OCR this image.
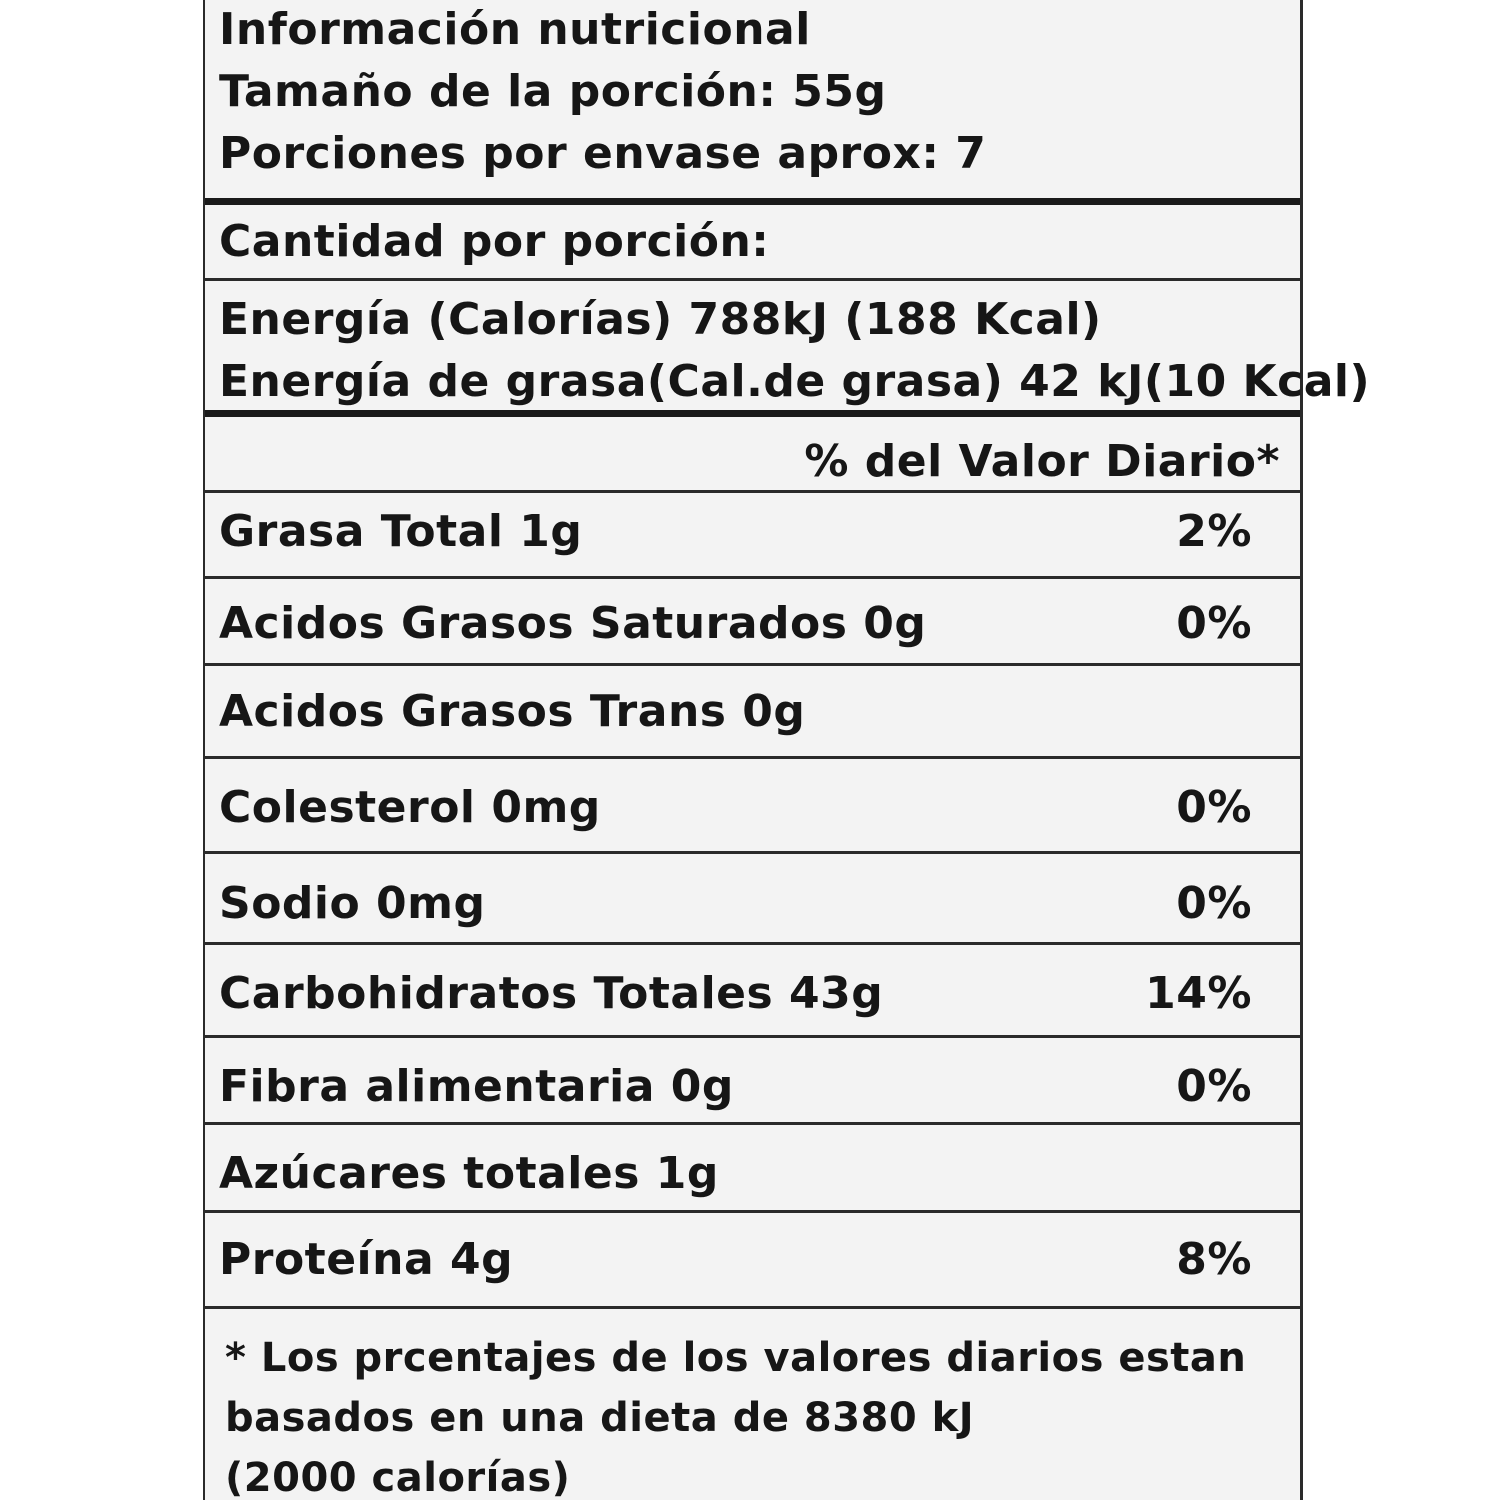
Información nutricional
Tamaño de la porción: 55g
Porciones por envase aprox: 7
Cantidad por porción:
Energía (Calorías) 788kJ (188 Kcal)
Energía de grasa(Cal.de grasa) 42 kJ(10 Kcal)
% del Valor Diario*
Grasa Total 1g	2%
Acidos Grasos Saturados 0g	0%
Acidos Grasos Trans 0g
Colesterol 0mg	0%
Sodio 0mg	0%
Carbohidratos Totales 43g	14%
Fibra alimentaria 0g	0%
Azúcares totales 1g
Proteína 4g	8%
* Los prcentajes de los valores diarios estan
basados en una dieta de 8380 kJ
(2000 calorías)
